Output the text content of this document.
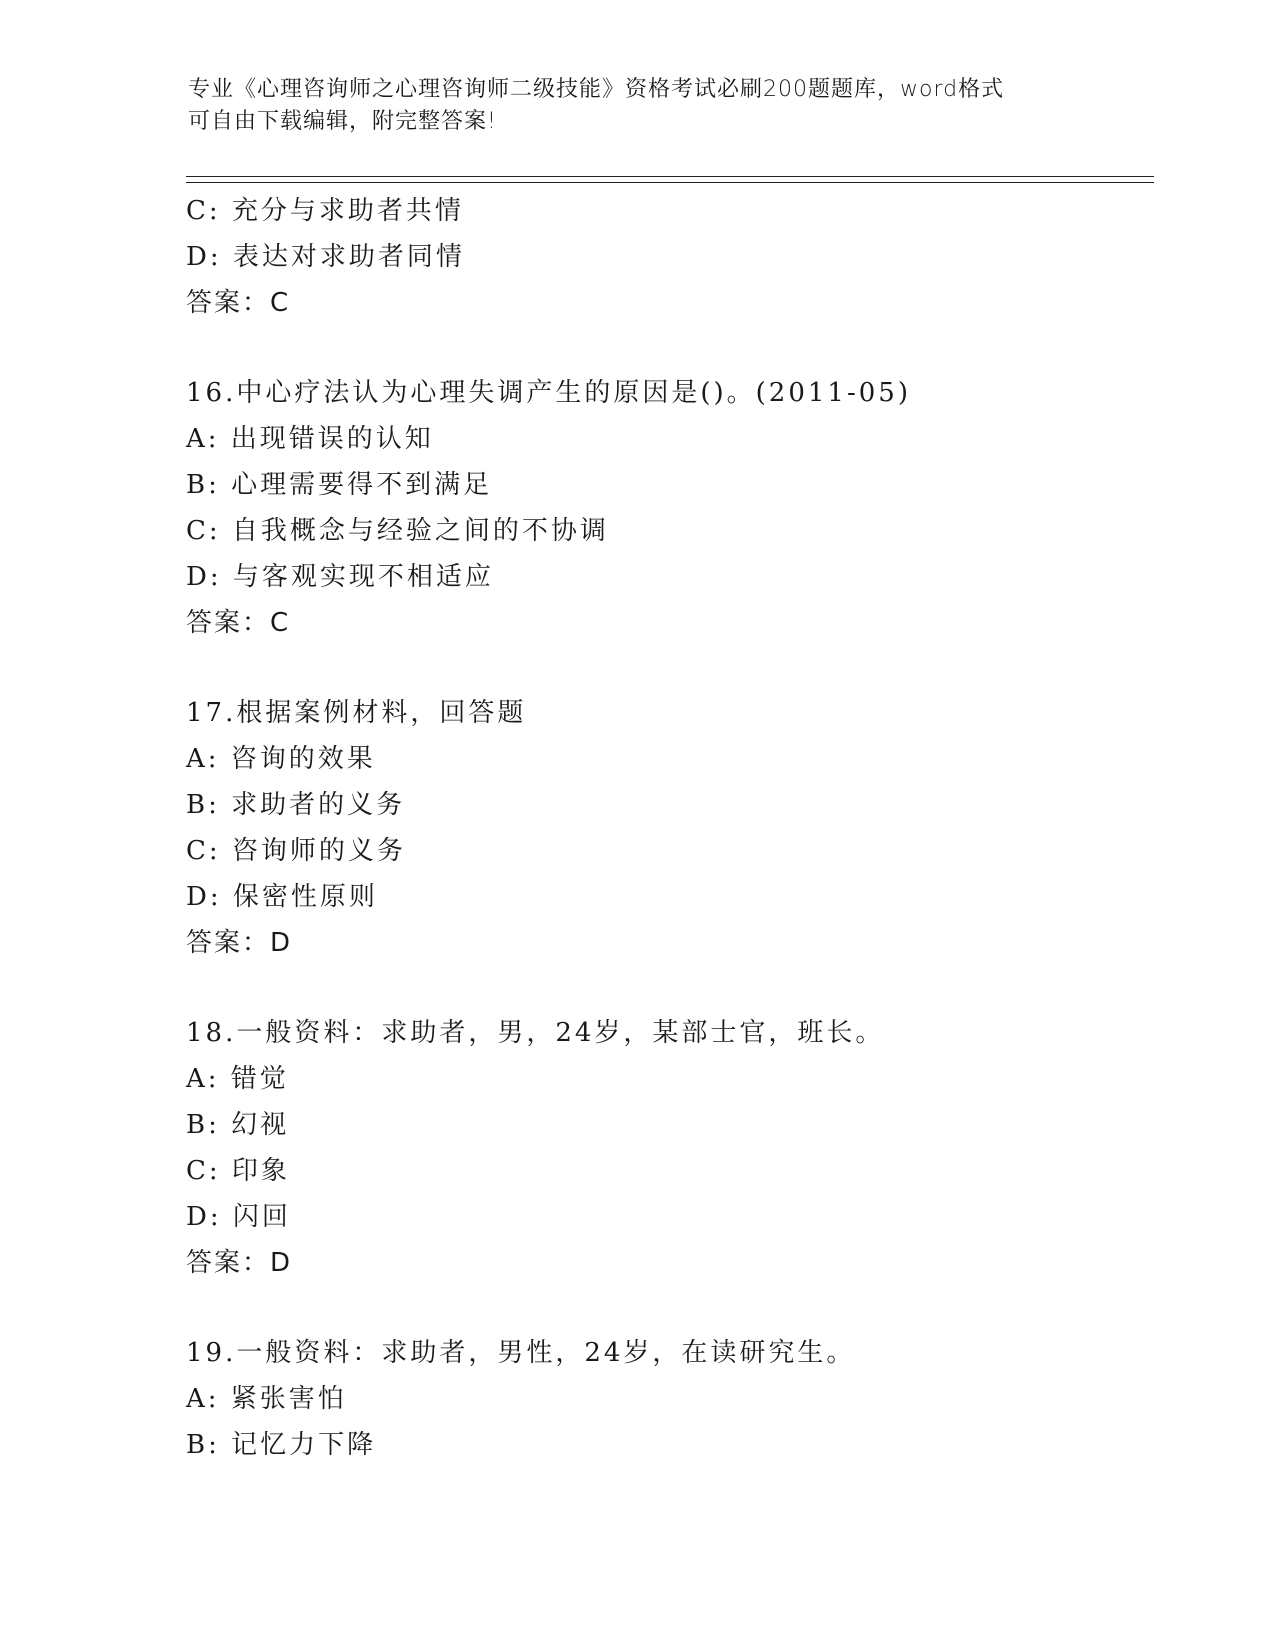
专业《心理咨询师之心理咨询师二级技能》资格考试必刷200题题库，word格式
可自由下载编辑，附完整答案!
C: 充分与求助者共情
D: 表达对求助者同情
答案：C
16.中心疗法认为心理失调产生的原因是()。(2011-05)
A: 出现错误的认知
B: 心理需要得不到满足
C: 自我概念与经验之间的不协调
D: 与客观实现不相适应
答案：C
17.根据案例材料，回答题
A: 咨询的效果
B: 求助者的义务
C: 咨询师的义务
D: 保密性原则
答案：D
18.一般资料：求助者，男，24岁，某部士官，班长。
A: 错觉
B: 幻视
C: 印象
D: 闪回
答案：D
19.一般资料：求助者，男性，24岁，在读研究生。
A: 紧张害怕
B: 记忆力下降
